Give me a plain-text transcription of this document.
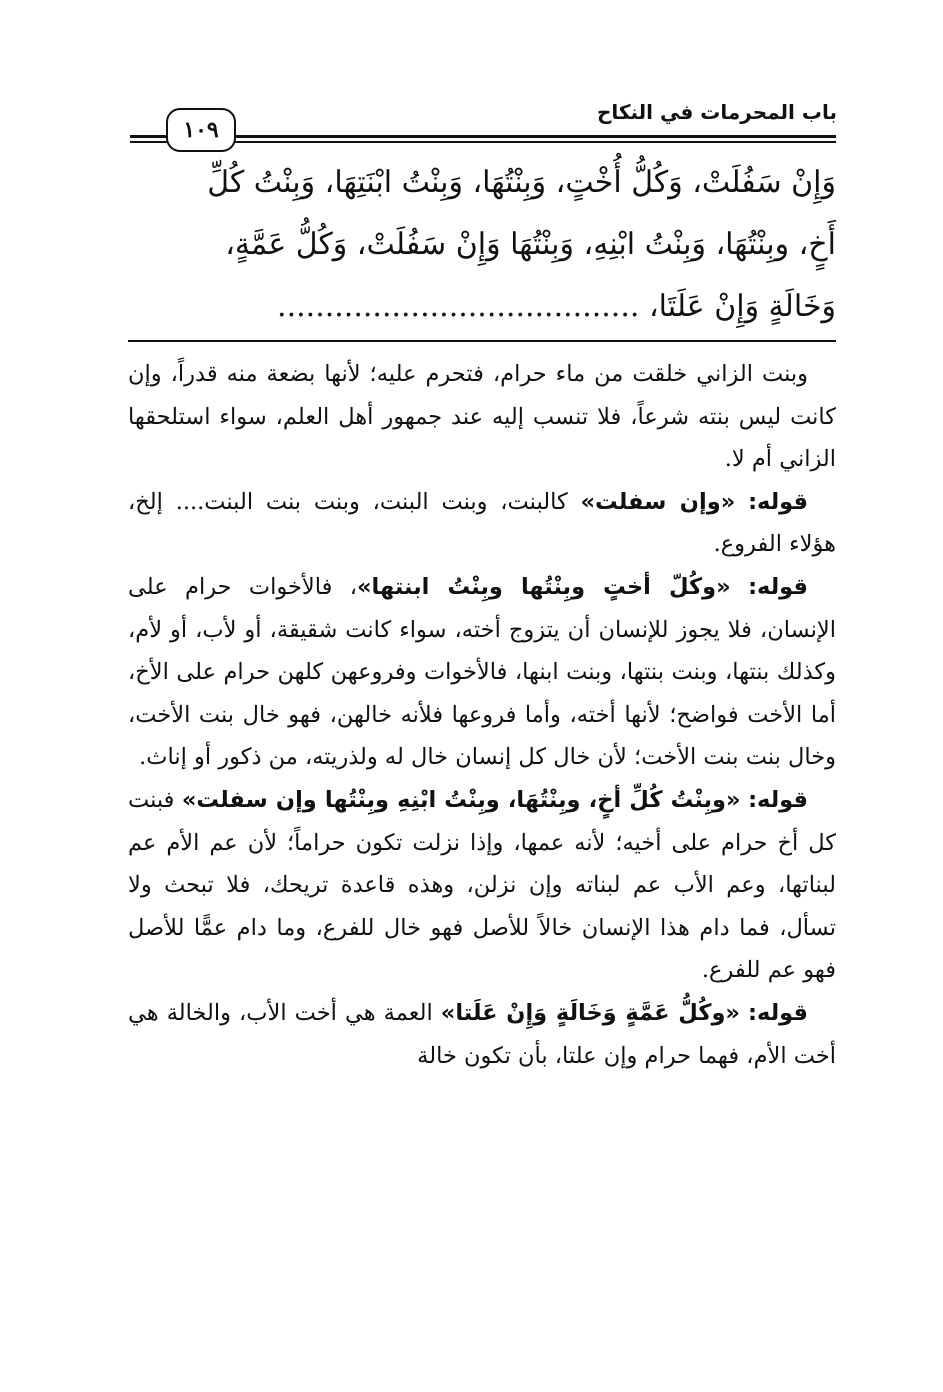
باب المحرمات في النكاح
١٠٩
وَإِنْ سَفُلَتْ، وَكُلُّ أُخْتٍ، وَبِنْتُهَا، وَبِنْتُ ابْنَتِهَا، وَبِنْتُ كُلِّ
أَخٍ، وبِنْتُهَا، وَبِنْتُ ابْنِهِ، وَبِنْتُهَا وَإِنْ سَفُلَتْ، وَكُلُّ عَمَّةٍ،
وَخَالَةٍ وَإِنْ عَلَتَا، ......................................

وبنت الزاني خلقت من ماء حرام، فتحرم عليه؛ لأنها بضعة منه قدراً، وإن كانت ليس بنته شرعاً، فلا تنسب إليه عند جمهور أهل العلم، سواء استلحقها الزاني أم لا.

قوله: «وإن سفلت» كالبنت، وبنت البنت، وبنت بنت البنت.... إلخ، هؤلاء الفروع.

قوله: «وكُلّ أختٍ وبِنْتُها وبِنْتُ ابنتها»، فالأخوات حرام على الإنسان، فلا يجوز للإنسان أن يتزوج أخته، سواء كانت شقيقة، أو لأب، أو لأم، وكذلك بنتها، وبنت بنتها، وبنت ابنها، فالأخوات وفروعهن كلهن حرام على الأخ، أما الأخت فواضح؛ لأنها أخته، وأما فروعها فلأنه خالهن، فهو خال بنت الأخت، وخال بنت بنت الأخت؛ لأن خال كل إنسان خال له ولذريته، من ذكور أو إناث.

قوله: «وبِنْتُ كُلِّ أخٍ، وبِنْتُهَا، وبِنْتُ ابْنِهِ وبِنْتُها وإن سفلت» فبنت كل أخ حرام على أخيه؛ لأنه عمها، وإذا نزلت تكون حراماً؛ لأن عم الأم عم لبناتها، وعم الأب عم لبناته وإن نزلن، وهذه قاعدة تريحك، فلا تبحث ولا تسأل، فما دام هذا الإنسان خالاً للأصل فهو خال للفرع، وما دام عمًّا للأصل فهو عم للفرع.

قوله: «وكُلُّ عَمَّةٍ وَخَالَةٍ وَإِنْ عَلَتا» العمة هي أخت الأب، والخالة هي أخت الأم، فهما حرام وإن علتا، بأن تكون خالة
